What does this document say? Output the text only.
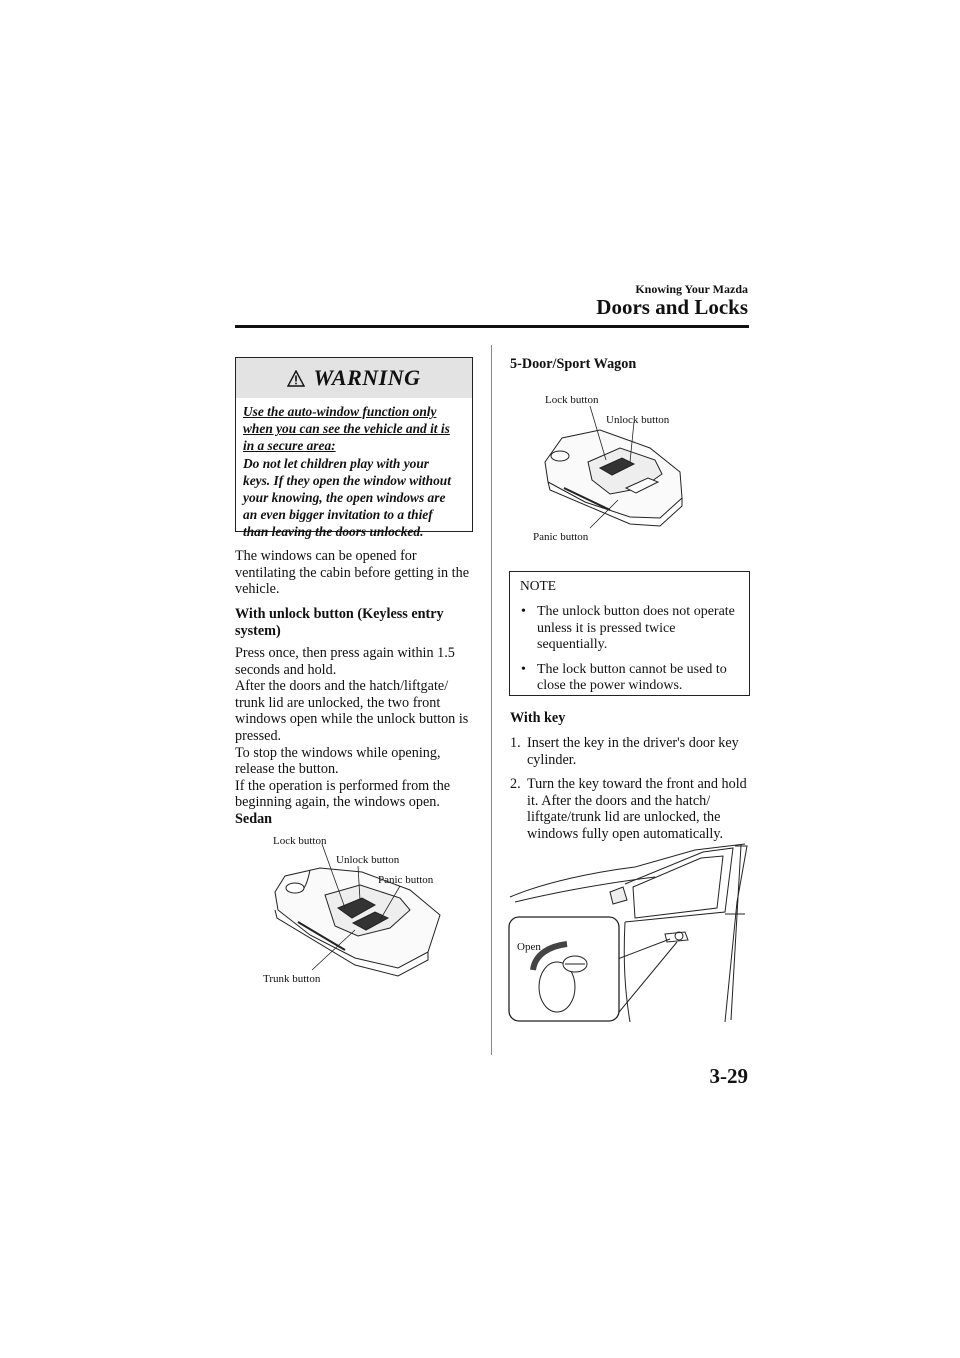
Knowing Your Mazda
Doors and Locks
WARNING
Use the auto-window function only
when you can see the vehicle and it is
in a secure area:
Do not let children play with your
keys. If they open the window without
your knowing, the open windows are
an even bigger invitation to a thief
than leaving the doors unlocked.
The windows can be opened for
ventilating the cabin before getting in the
vehicle.
With unlock button (Keyless entry
system)
Press once, then press again within 1.5
seconds and hold.
After the doors and the hatch/liftgate/
trunk lid are unlocked, the two front
windows open while the unlock button is
pressed.
To stop the windows while opening,
release the button.
If the operation is performed from the
beginning again, the windows open.
Sedan
Lock button
Unlock button
Panic button
Trunk button
5-Door/Sport Wagon
Lock button
Unlock button
Panic button
NOTE
• The unlock button does not operate
unless it is pressed twice
sequentially.
• The lock button cannot be used to
close the power windows.
With key
1. Insert the key in the driver's door key
cylinder.
2. Turn the key toward the front and hold
it. After the doors and the hatch/
liftgate/trunk lid are unlocked, the
windows fully open automatically.
Open
3-29
